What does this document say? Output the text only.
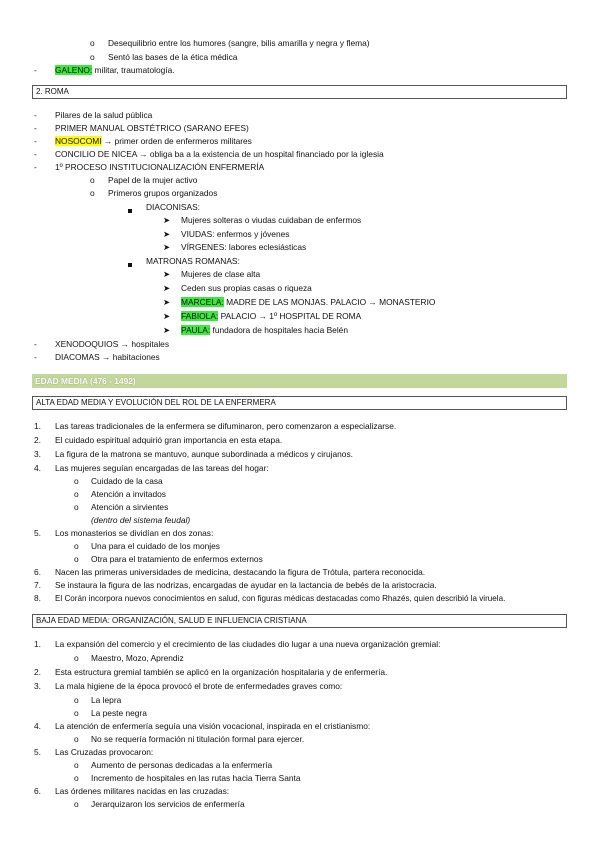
o	Desequilibrio entre los humores (sangre, bilis amarilla y negra y flema)
o	Sentó las bases de la ética médica
-	GALENO: militar, traumatología.
2. ROMA
-	Pilares de la salud pública
-	PRIMER MANUAL OBSTÉTRICO (SARANO EFES)
-	NOSOCOMI → primer orden de enfermeros militares
-	CONCILIO DE NICEA → obliga ba a la existencia de un hospital financiado por la iglesia
-	1º PROCESO INSTITUCIONALIZACIÓN ENFERMERÍA
o	Papel de la mujer activo
o	Primeros grupos organizados
DIACONISAS:
➤	Mujeres solteras o viudas cuidaban de enfermos
➤	VIUDAS: enfermos y jóvenes
➤	VÍRGENES: labores eclesiásticas
MATRONAS ROMANAS:
➤	Mujeres de clase alta
➤	Ceden sus propias casas o riqueza
➤	MARCELA: MADRE DE LAS MONJAS. PALACIO → MONASTERIO
➤	FABIOLA: PALACIO → 1º HOSPITAL DE ROMA
➤	PAULA: fundadora de hospitales hacia Belén
-	XENODOQUIOS → hospitales
-	DIACOMAS → habitaciones
EDAD MEDIA (476 - 1492)
ALTA EDAD MEDIA Y EVOLUCIÓN DEL ROL DE LA ENFERMERA
1.	Las tareas tradicionales de la enfermera se difuminaron, pero comenzaron a especializarse.
2.	El cuidado espiritual adquirió gran importancia en esta etapa.
3.	La figura de la matrona se mantuvo, aunque subordinada a médicos y cirujanos.
4.	Las mujeres seguían encargadas de las tareas del hogar:
o	Cuidado de la casa
o	Atención a invitados
o	Atención a sirvientes
(dentro del sistema feudal)
5.	Los monasterios se dividían en dos zonas:
o	Una para el cuidado de los monjes
o	Otra para el tratamiento de enfermos externos
6.	Nacen las primeras universidades de medicina, destacando la figura de Trótula, partera reconocida.
7.	Se instaura la figura de las nodrizas, encargadas de ayudar en la lactancia de bebés de la aristocracia.
8.	El Corán incorpora nuevos conocimientos en salud, con figuras médicas destacadas como Rhazés, quien describió la viruela.
BAJA EDAD MEDIA: ORGANIZACIÓN, SALUD E INFLUENCIA CRISTIANA
1.	La expansión del comercio y el crecimiento de las ciudades dio lugar a una nueva organización gremial:
o	Maestro, Mozo, Aprendiz
2.	Esta estructura gremial también se aplicó en la organización hospitalaria y de enfermería.
3.	La mala higiene de la época provocó el brote de enfermedades graves como:
o	La lepra
o	La peste negra
4.	La atención de enfermería seguía una visión vocacional, inspirada en el cristianismo:
o	No se requería formación ni titulación formal para ejercer.
5.	Las Cruzadas provocaron:
o	Aumento de personas dedicadas a la enfermería
o	Incremento de hospitales en las rutas hacia Tierra Santa
6.	Las órdenes militares nacidas en las cruzadas:
o	Jerarquizaron los servicios de enfermería
